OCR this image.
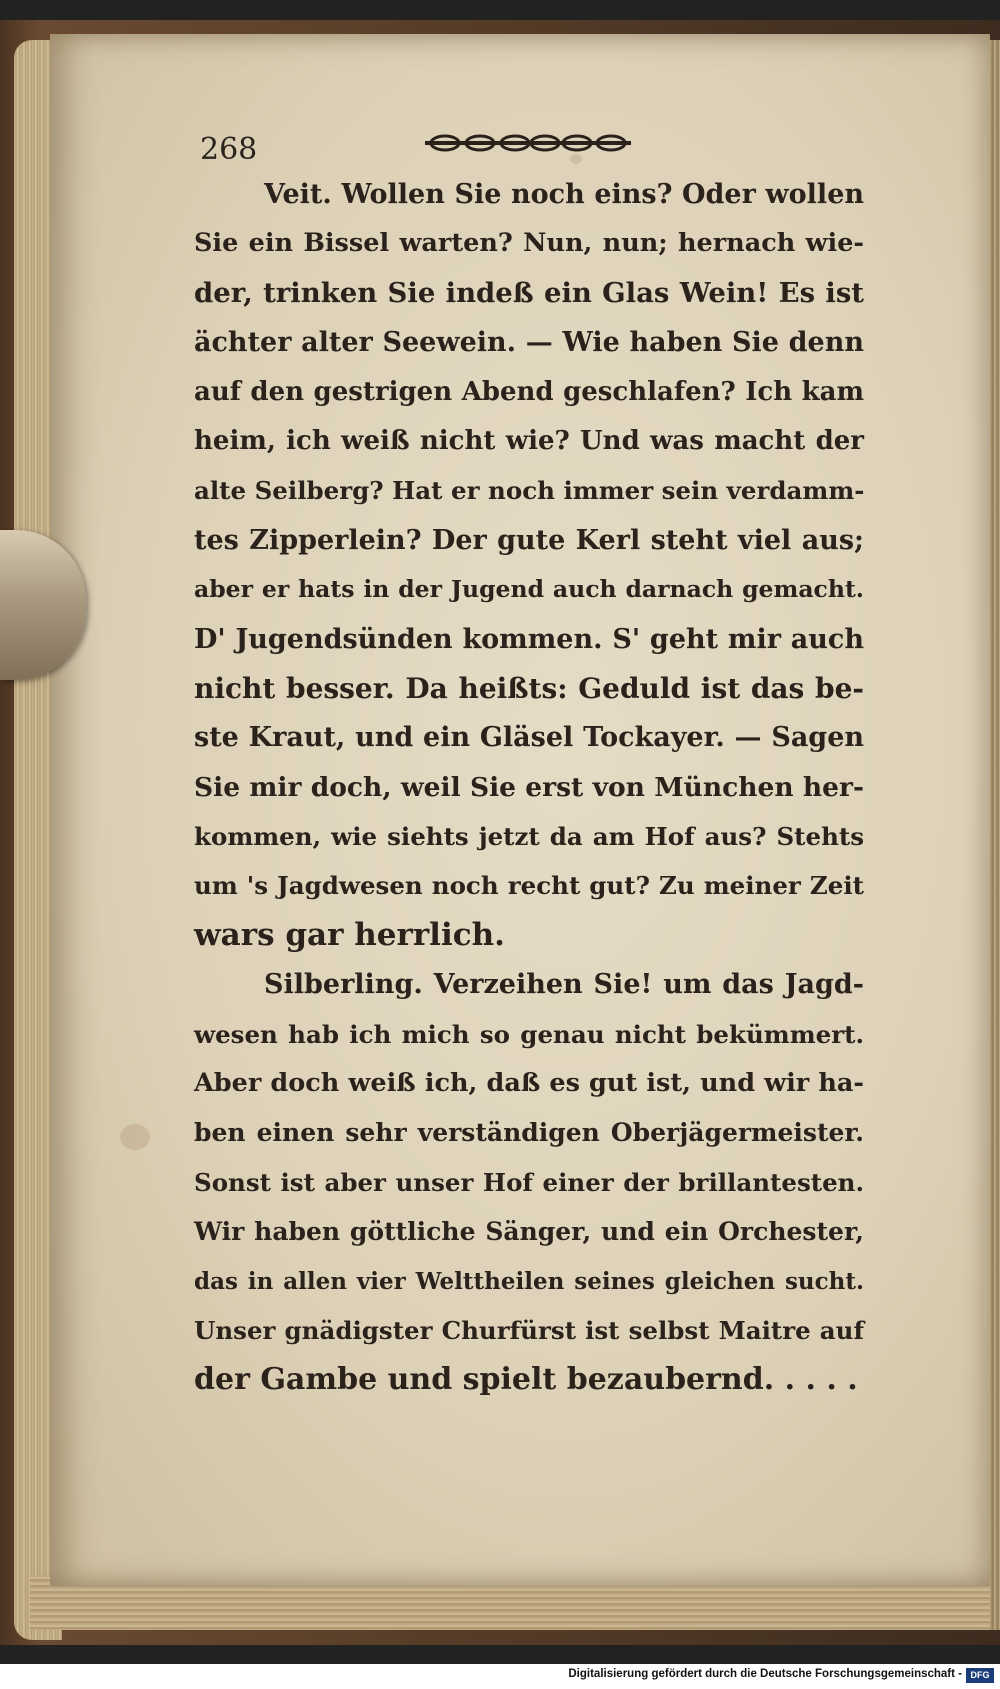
268
Veit. Wollen Sie noch eins? Oder wollen
Sie ein Bissel warten? Nun, nun; hernach wie-
der, trinken Sie indeß ein Glas Wein! Es ist
ächter alter Seewein. — Wie haben Sie denn
auf den gestrigen Abend geschlafen? Ich kam
heim, ich weiß nicht wie? Und was macht der
alte Seilberg? Hat er noch immer sein verdamm-
tes Zipperlein? Der gute Kerl steht viel aus;
aber er hats in der Jugend auch darnach gemacht.
D' Jugendsünden kommen. S' geht mir auch
nicht besser. Da heißts: Geduld ist das be-
ste Kraut, und ein Gläsel Tockayer. — Sagen
Sie mir doch, weil Sie erst von München her-
kommen, wie siehts jetzt da am Hof aus? Stehts
um 's Jagdwesen noch recht gut? Zu meiner Zeit
wars gar herrlich.
Silberling. Verzeihen Sie! um das Jagd-
wesen hab ich mich so genau nicht bekümmert.
Aber doch weiß ich, daß es gut ist, und wir ha-
ben einen sehr verständigen Oberjägermeister.
Sonst ist aber unser Hof einer der brillantesten.
Wir haben göttliche Sänger, und ein Orchester,
das in allen vier Welttheilen seines gleichen sucht.
Unser gnädigster Churfürst ist selbst Maitre auf
der Gambe und spielt bezaubernd. . . . .
Digitalisierung gefördert durch die Deutsche Forschungsgemeinschaft - DFG
